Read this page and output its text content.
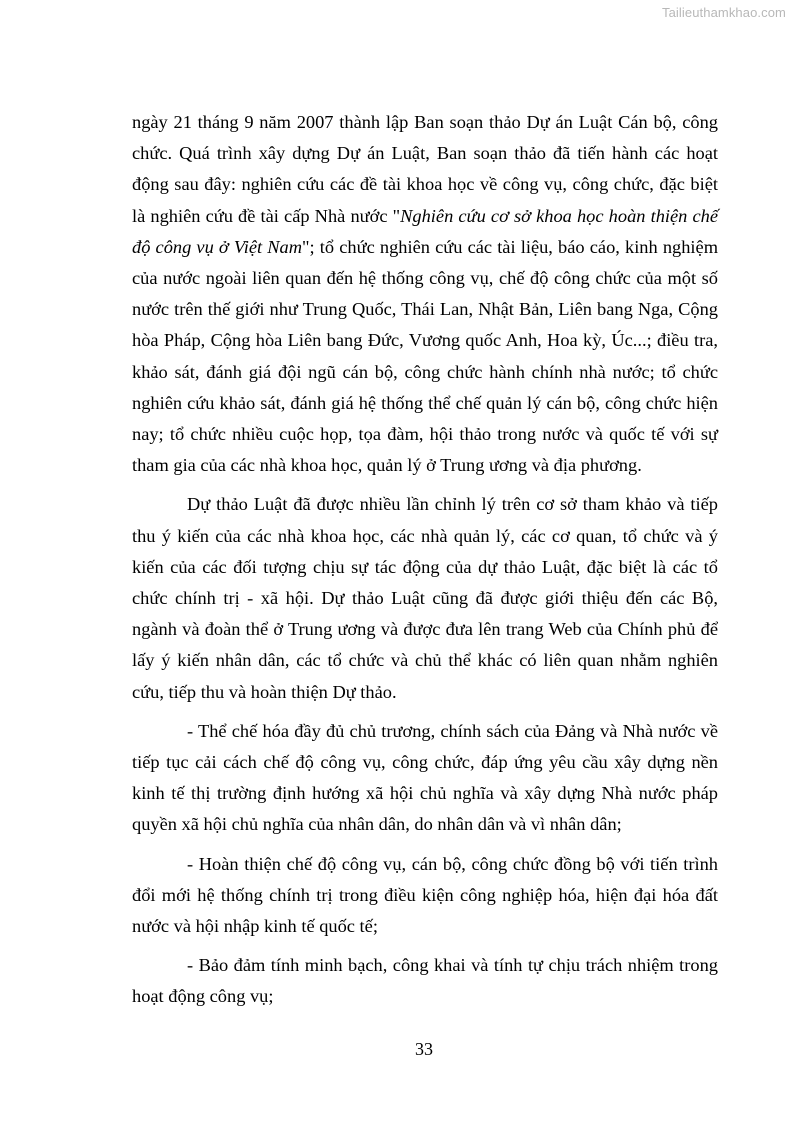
Tailieuthamkhao.com

ngày 21 tháng 9 năm 2007 thành lập Ban soạn thảo Dự án Luật Cán bộ, công chức. Quá trình xây dựng Dự án Luật, Ban soạn thảo đã tiến hành các hoạt động sau đây: nghiên cứu các đề tài khoa học về công vụ, công chức, đặc biệt là nghiên cứu đề tài cấp Nhà nước "Nghiên cứu cơ sở khoa học hoàn thiện chế độ công vụ ở Việt Nam"; tổ chức nghiên cứu các tài liệu, báo cáo, kinh nghiệm của nước ngoài liên quan đến hệ thống công vụ, chế độ công chức của một số nước trên thế giới như Trung Quốc, Thái Lan, Nhật Bản, Liên bang Nga, Cộng hòa Pháp, Cộng hòa Liên bang Đức, Vương quốc Anh, Hoa kỳ, Úc...; điều tra, khảo sát, đánh giá đội ngũ cán bộ, công chức hành chính nhà nước; tổ chức nghiên cứu khảo sát, đánh giá hệ thống thể chế quản lý cán bộ, công chức hiện nay; tổ chức nhiều cuộc họp, tọa đàm, hội thảo trong nước và quốc tế với sự tham gia của các nhà khoa học, quản lý ở Trung ương và địa phương.

Dự thảo Luật đã được nhiều lần chỉnh lý trên cơ sở tham khảo và tiếp thu ý kiến của các nhà khoa học, các nhà quản lý, các cơ quan, tổ chức và ý kiến của các đối tượng chịu sự tác động của dự thảo Luật, đặc biệt là các tổ chức chính trị - xã hội. Dự thảo Luật cũng đã được giới thiệu đến các Bộ, ngành và đoàn thể ở Trung ương và được đưa lên trang Web của Chính phủ để lấy ý kiến nhân dân, các tổ chức và chủ thể khác có liên quan nhằm nghiên cứu, tiếp thu và hoàn thiện Dự thảo.

- Thể chế hóa đầy đủ chủ trương, chính sách của Đảng và Nhà nước về tiếp tục cải cách chế độ công vụ, công chức, đáp ứng yêu cầu xây dựng nền kinh tế thị trường định hướng xã hội chủ nghĩa và xây dựng Nhà nước pháp quyền xã hội chủ nghĩa của nhân dân, do nhân dân và vì nhân dân;

- Hoàn thiện chế độ công vụ, cán bộ, công chức đồng bộ với tiến trình đổi mới hệ thống chính trị trong điều kiện công nghiệp hóa, hiện đại hóa đất nước và hội nhập kinh tế quốc tế;

- Bảo đảm tính minh bạch, công khai và tính tự chịu trách nhiệm trong hoạt động công vụ;

33
